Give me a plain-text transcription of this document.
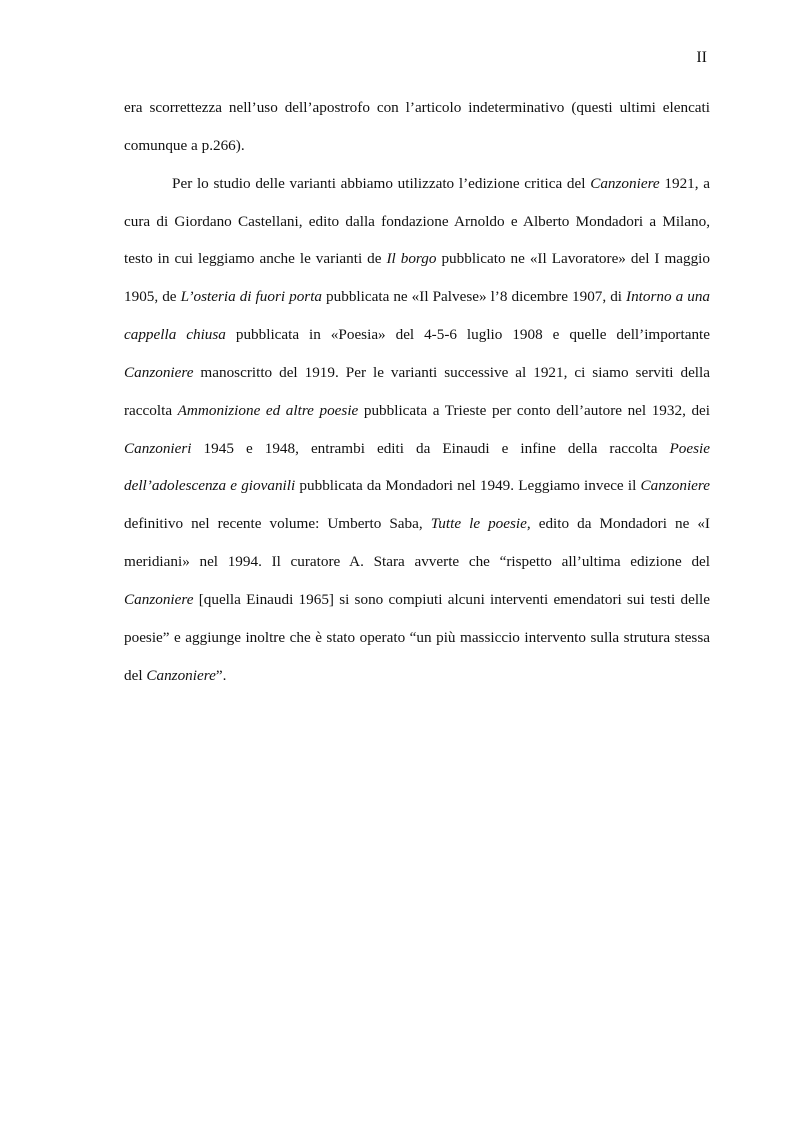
II

era scorrettezza nell’uso dell’apostrofo con l’articolo indeterminativo (questi ultimi elencati comunque a p.266).

Per lo studio delle varianti abbiamo utilizzato l’edizione critica del Canzoniere 1921, a cura di Giordano Castellani, edito dalla fondazione Arnoldo e Alberto Mondadori a Milano, testo in cui leggiamo anche le varianti de Il borgo pubblicato ne «Il Lavoratore» del I maggio 1905, de L’osteria di fuori porta pubblicata ne «Il Palvese» l’8 dicembre 1907, di Intorno a una cappella chiusa pubblicata in «Poesia» del 4-5-6 luglio 1908 e quelle dell’importante Canzoniere manoscritto del 1919. Per le varianti successive al 1921, ci siamo serviti della raccolta Ammonizione ed altre poesie pubblicata a Trieste per conto dell’autore nel 1932, dei Canzonieri 1945 e 1948, entrambi editi da Einaudi e infine della raccolta Poesie dell’adolescenza e giovanili pubblicata da Mondadori nel 1949. Leggiamo invece il Canzoniere definitivo nel recente volume: Umberto Saba, Tutte le poesie, edito da Mondadori ne «I meridiani» nel 1994. Il curatore A. Stara avverte che “rispetto all’ultima edizione del Canzoniere [quella Einaudi 1965] si sono compiuti alcuni interventi emendatori sui testi delle poesie” e aggiunge inoltre che è stato operato “un più massiccio intervento sulla strutura stessa del Canzoniere”.
